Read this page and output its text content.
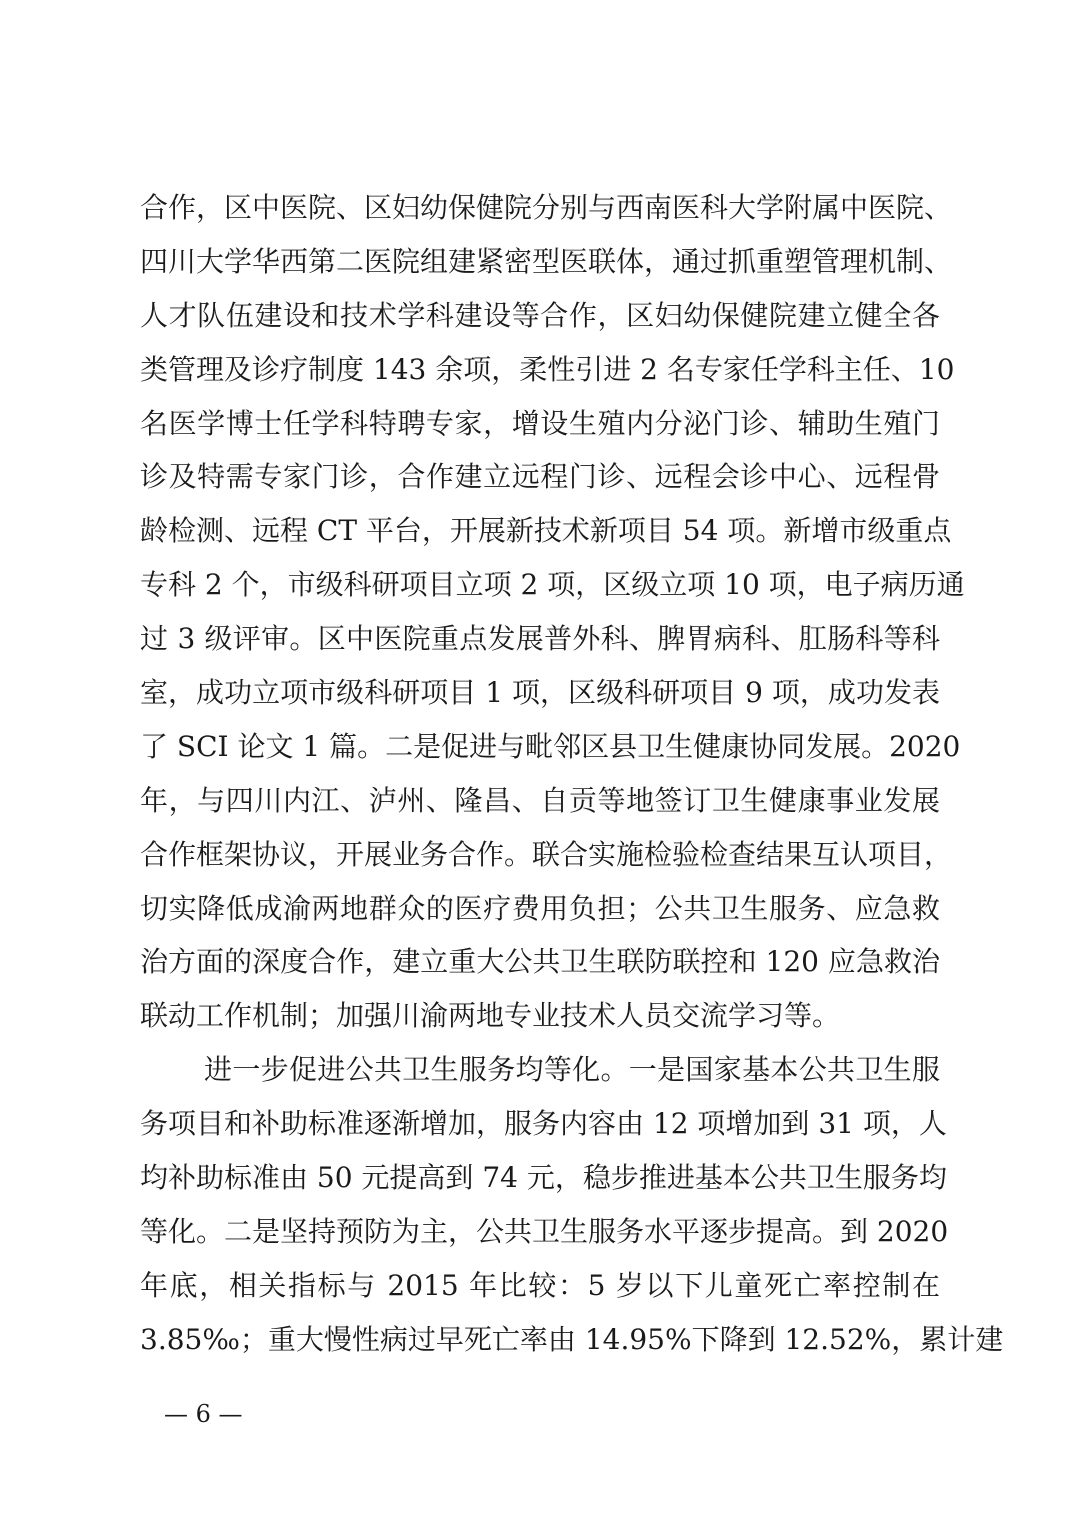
合作，区中医院、区妇幼保健院分别与西南医科大学附属中医院、
四川大学华西第二医院组建紧密型医联体，通过抓重塑管理机制、
人才队伍建设和技术学科建设等合作，区妇幼保健院建立健全各
类管理及诊疗制度 143 余项，柔性引进 2 名专家任学科主任、10
名医学博士任学科特聘专家，增设生殖内分泌门诊、辅助生殖门
诊及特需专家门诊，合作建立远程门诊、远程会诊中心、远程骨
龄检测、远程 CT 平台，开展新技术新项目 54 项。新增市级重点
专科 2 个，市级科研项目立项 2 项，区级立项 10 项，电子病历通
过 3 级评审。区中医院重点发展普外科、脾胃病科、肛肠科等科
室，成功立项市级科研项目 1 项，区级科研项目 9 项，成功发表
了 SCI 论文 1 篇。二是促进与毗邻区县卫生健康协同发展。2020
年，与四川内江、泸州、隆昌、自贡等地签订卫生健康事业发展
合作框架协议，开展业务合作。联合实施检验检查结果互认项目，
切实降低成渝两地群众的医疗费用负担；公共卫生服务、应急救
治方面的深度合作，建立重大公共卫生联防联控和 120 应急救治
联动工作机制；加强川渝两地专业技术人员交流学习等。
进一步促进公共卫生服务均等化。一是国家基本公共卫生服
务项目和补助标准逐渐增加，服务内容由 12 项增加到 31 项，人
均补助标准由 50 元提高到 74 元，稳步推进基本公共卫生服务均
等化。二是坚持预防为主，公共卫生服务水平逐步提高。到 2020
年底，相关指标与 2015 年比较：5 岁以下儿童死亡率控制在
3.85‰；重大慢性病过早死亡率由 14.95%下降到 12.52%，累计建
— 6 —
